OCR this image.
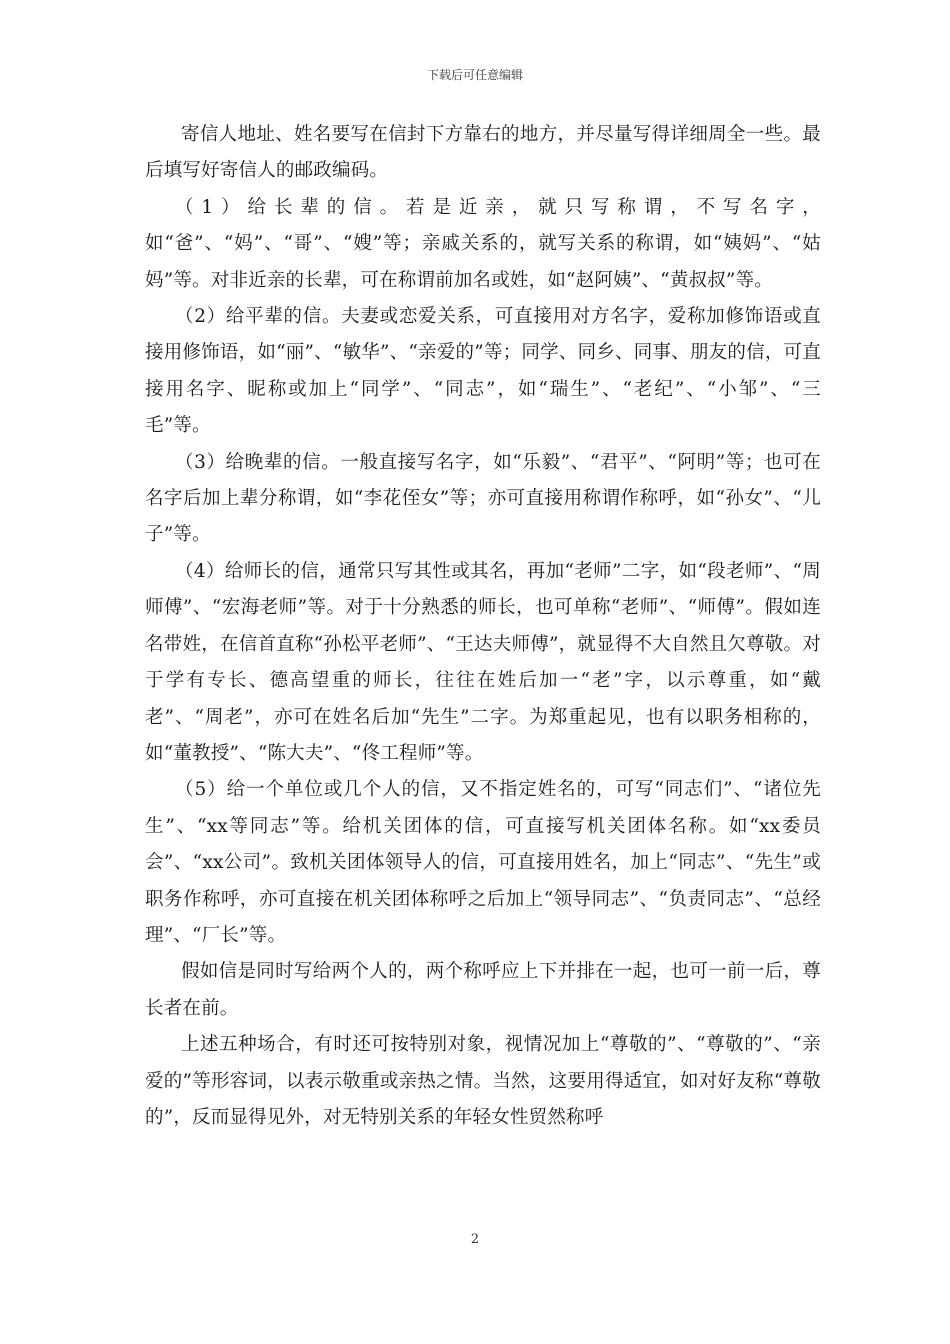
下载后可任意编辑

寄信人地址、姓名要写在信封下方靠右的地方，并尽量写得详细周全一些。最后填写好寄信人的邮政编码。

（1）给长辈的信。若是近亲，就只写称谓，不写名字，如“爸”、“妈”、“哥”、“嫂”等；亲戚关系的，就写关系的称谓，如“姨妈”、“姑妈”等。对非近亲的长辈，可在称谓前加名或姓，如“赵阿姨”、“黄叔叔”等。

（2）给平辈的信。夫妻或恋爱关系，可直接用对方名字，爱称加修饰语或直接用修饰语，如“丽”、“敏华”、“亲爱的”等；同学、同乡、同事、朋友的信，可直接用名字、昵称或加上“同学”、“同志”，如“瑞生”、“老纪”、“小邹”、“三毛”等。

（3）给晚辈的信。一般直接写名字，如“乐毅”、“君平”、“阿明”等；也可在名字后加上辈分称谓，如“李花侄女”等；亦可直接用称谓作称呼，如“孙女”、“儿子”等。

（4）给师长的信，通常只写其性或其名，再加“老师”二字，如“段老师”、“周师傅”、“宏海老师”等。对于十分熟悉的师长，也可单称“老师”、“师傅”。假如连名带姓，在信首直称“孙松平老师”、“王达夫师傅”，就显得不大自然且欠尊敬。对于学有专长、德高望重的师长，往往在姓后加一“老”字，以示尊重，如“戴老”、“周老”，亦可在姓名后加“先生”二字。为郑重起见，也有以职务相称的，如“董教授”、“陈大夫”、“佟工程师”等。

（5）给一个单位或几个人的信，又不指定姓名的，可写“同志们”、“诸位先生”、“xx等同志”等。给机关团体的信，可直接写机关团体名称。如“xx委员会”、“xx公司”。致机关团体领导人的信，可直接用姓名，加上“同志”、“先生”或职务作称呼，亦可直接在机关团体称呼之后加上“领导同志”、“负责同志”、“总经理”、“厂长”等。

假如信是同时写给两个人的，两个称呼应上下并排在一起，也可一前一后，尊长者在前。

上述五种场合，有时还可按特别对象，视情况加上“尊敬的”、“尊敬的”、“亲爱的”等形容词，以表示敬重或亲热之情。当然，这要用得适宜，如对好友称“尊敬的”，反而显得见外，对无特别关系的年轻女性贸然称呼

2
